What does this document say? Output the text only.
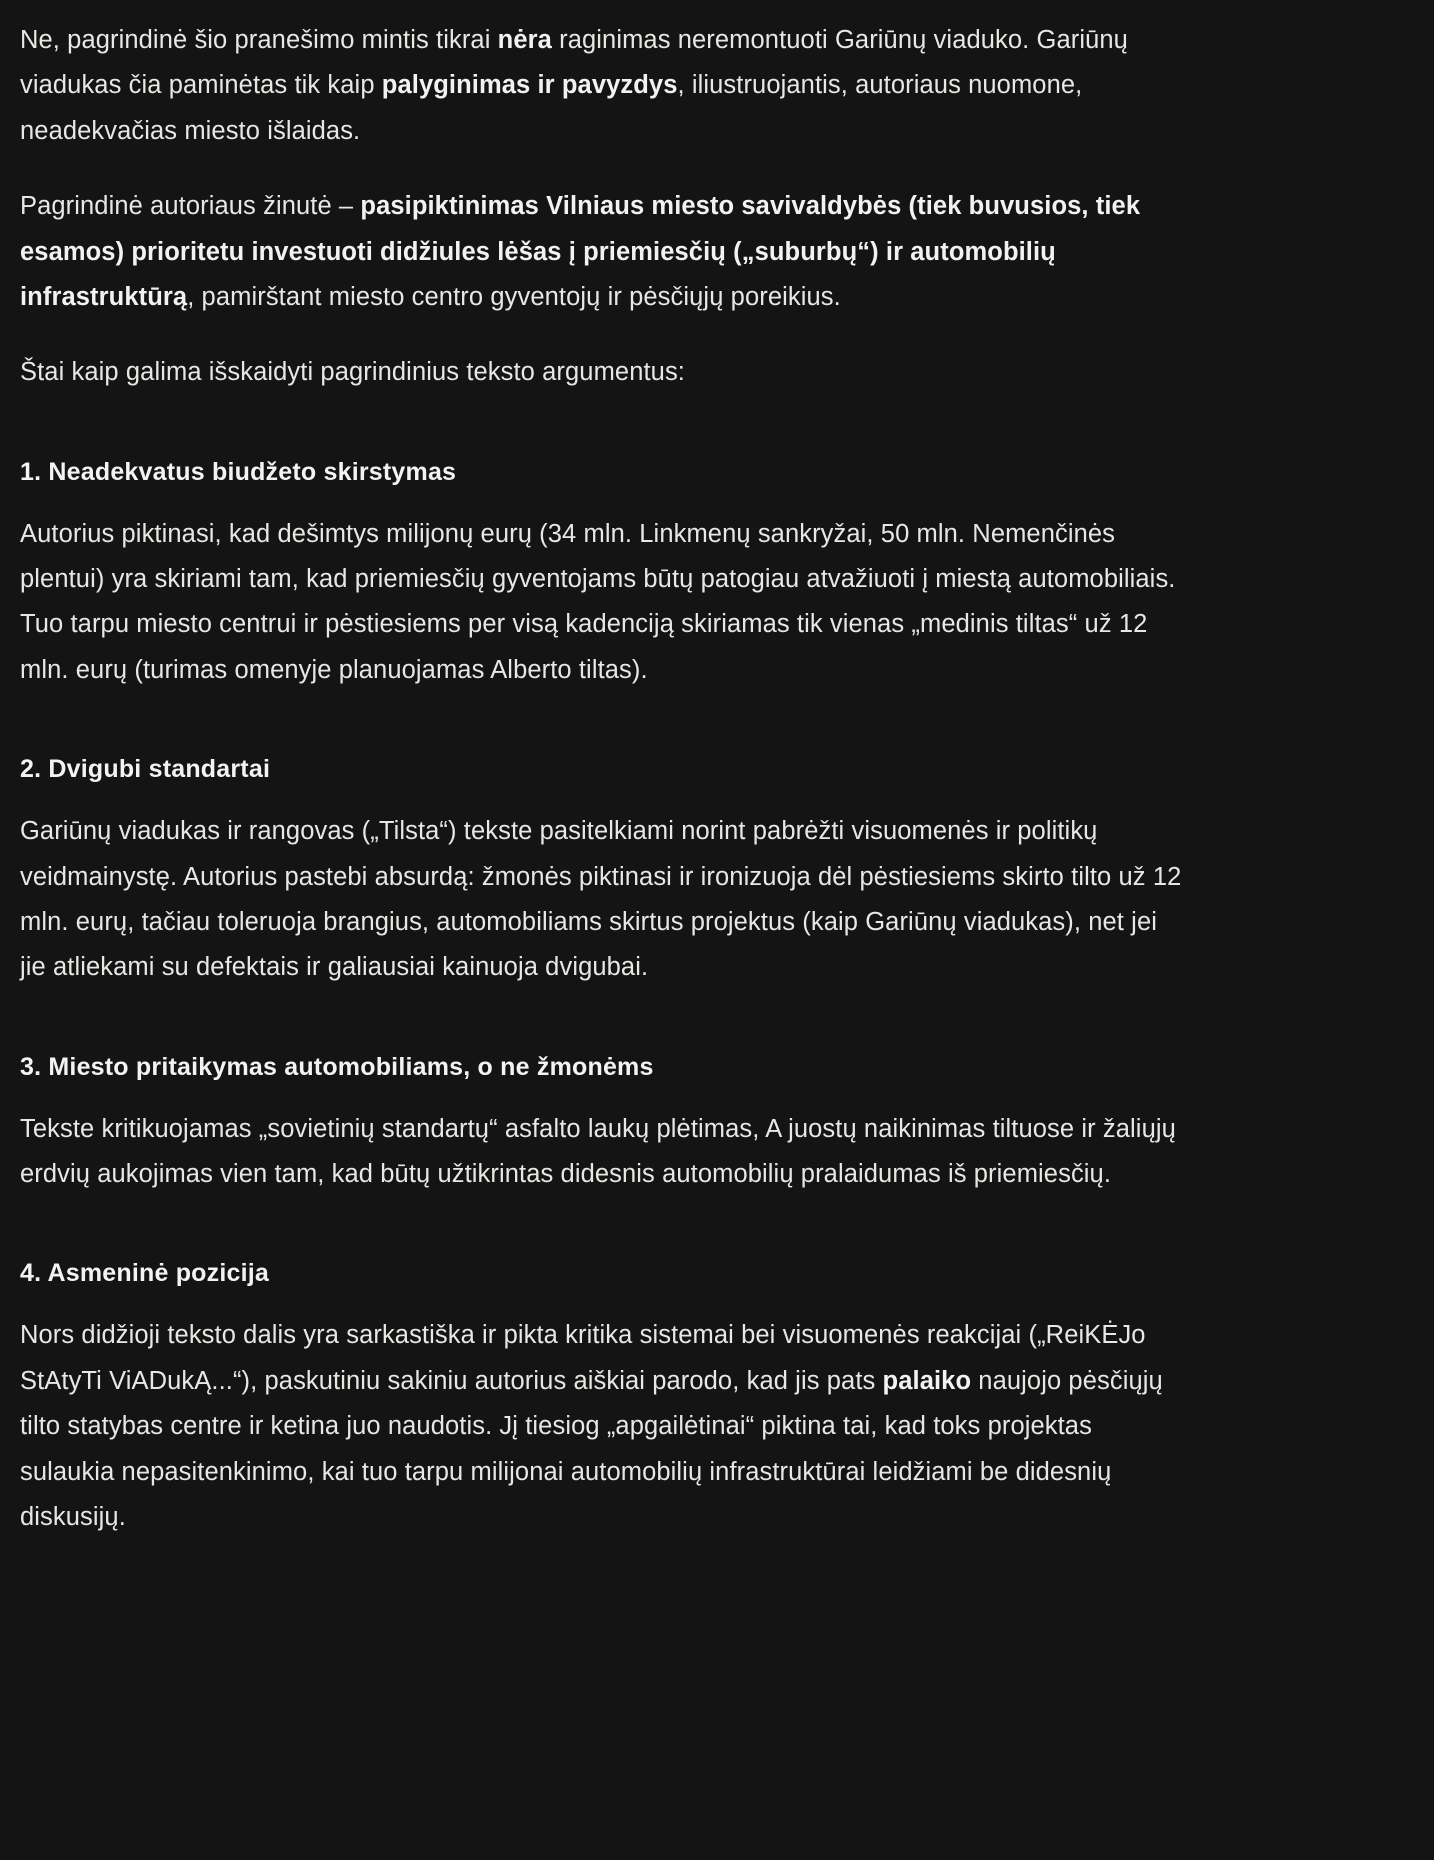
Ne, pagrindinė šio pranešimo mintis tikrai nėra raginimas neremontuoti Gariūnų viaduko. Gariūnų viadukas čia paminėtas tik kaip palyginimas ir pavyzdys, iliustruojantis, autoriaus nuomone, neadekvačias miesto išlaidas.

Pagrindinė autoriaus žinutė – pasipiktinimas Vilniaus miesto savivaldybės (tiek buvusios, tiek esamos) prioritetu investuoti didžiules lėšas į priemiesčių („suburbų“) ir automobilių infrastruktūrą, pamirštant miesto centro gyventojų ir pėsčiųjų poreikius.

Štai kaip galima išskaidyti pagrindinius teksto argumentus:

1. Neadekvatus biudžeto skirstymas

Autorius piktinasi, kad dešimtys milijonų eurų (34 mln. Linkmenų sankryžai, 50 mln. Nemenčinės plentui) yra skiriami tam, kad priemiesčių gyventojams būtų patogiau atvažiuoti į miestą automobiliais. Tuo tarpu miesto centrui ir pėstiesiems per visą kadenciją skiriamas tik vienas „medinis tiltas“ už 12 mln. eurų (turimas omenyje planuojamas Alberto tiltas).

2. Dvigubi standartai

Gariūnų viadukas ir rangovas („Tilsta“) tekste pasitelkiami norint pabrėžti visuomenės ir politikų veidmainystę. Autorius pastebi absurdą: žmonės piktinasi ir ironizuoja dėl pėstiesiems skirto tilto už 12 mln. eurų, tačiau toleruoja brangius, automobiliams skirtus projektus (kaip Gariūnų viadukas), net jei jie atliekami su defektais ir galiausiai kainuoja dvigubai.

3. Miesto pritaikymas automobiliams, o ne žmonėms

Tekste kritikuojamas „sovietinių standartų“ asfalto laukų plėtimas, A juostų naikinimas tiltuose ir žaliųjų erdvių aukojimas vien tam, kad būtų užtikrintas didesnis automobilių pralaidumas iš priemiesčių.

4. Asmeninė pozicija

Nors didžioji teksto dalis yra sarkastiška ir pikta kritika sistemai bei visuomenės reakcijai („ReiKĖJo StAtyTi ViADukĄ...“), paskutiniu sakiniu autorius aiškiai parodo, kad jis pats palaiko naujojo pėsčiųjų tilto statybas centre ir ketina juo naudotis. Jį tiesiog „apgailėtinai“ piktina tai, kad toks projektas sulaukia nepasitenkinimo, kai tuo tarpu milijonai automobilių infrastruktūrai leidžiami be didesnių diskusijų.
